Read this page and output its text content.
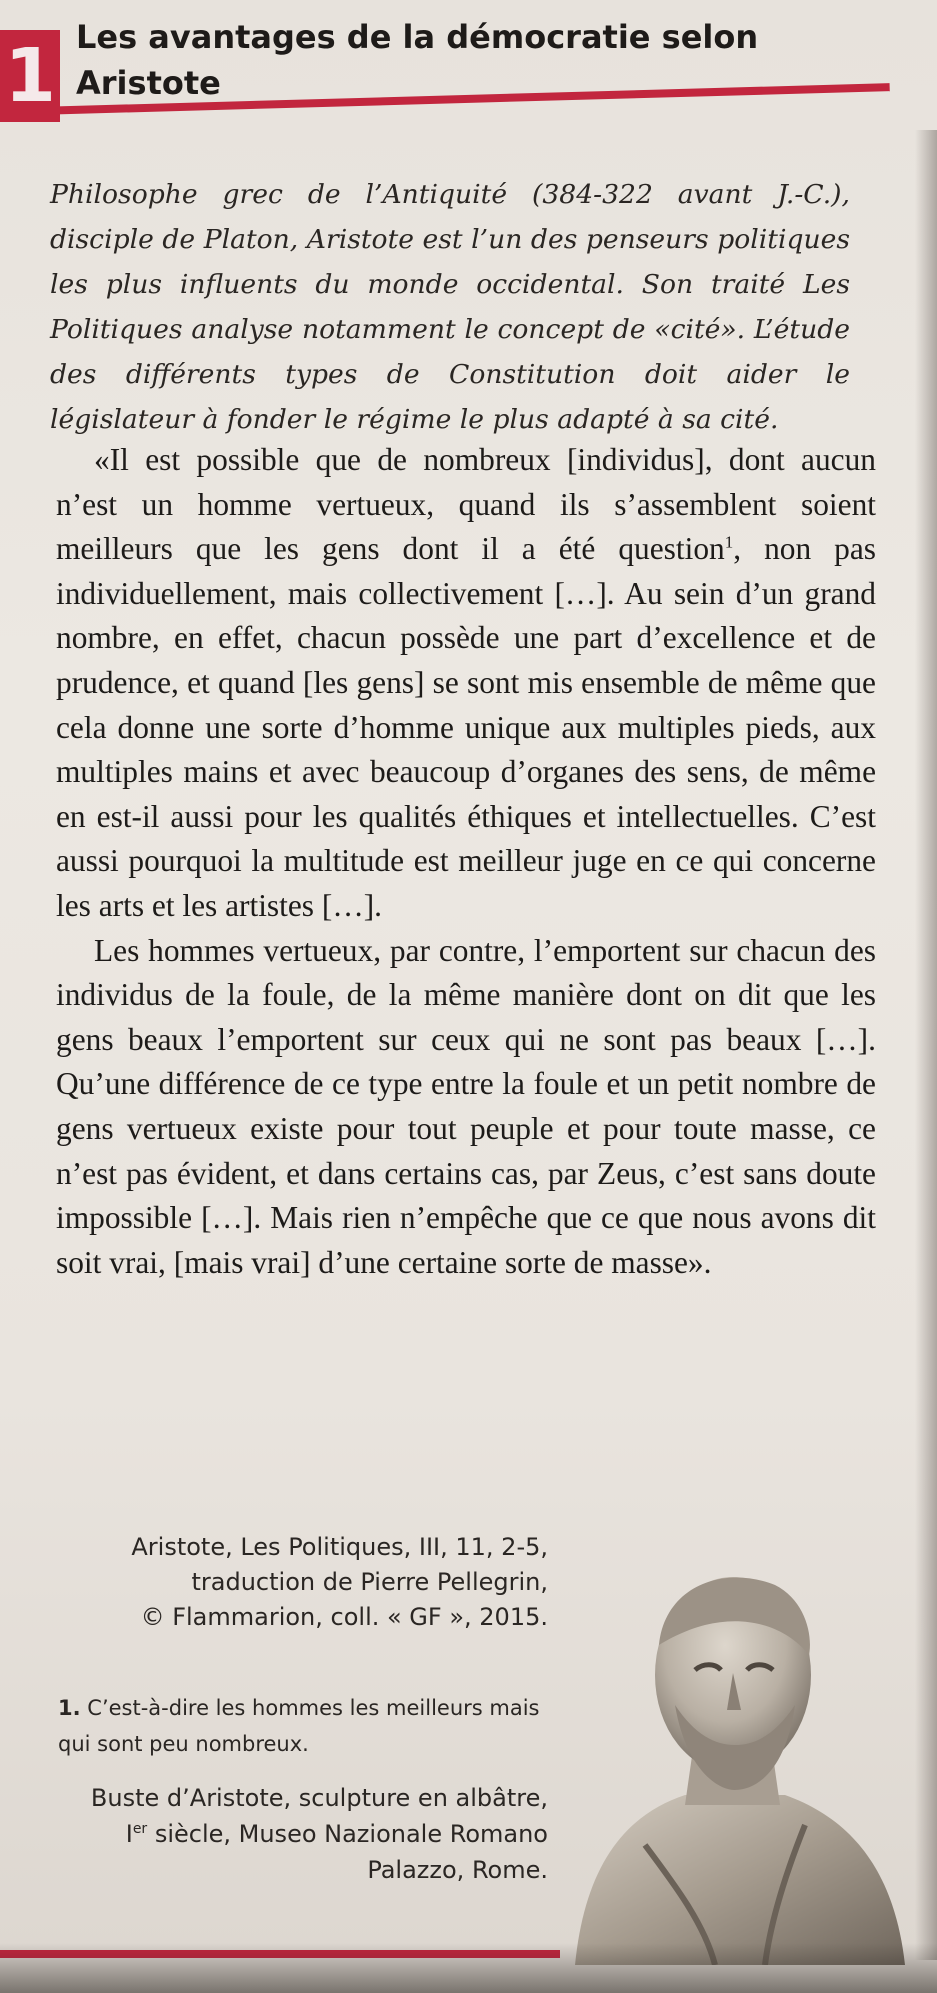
1 Les avantages de la démocratie selon Aristote
Philosophe grec de l’Antiquité (384-322 avant J.-C.), disciple de Platon, Aristote est l’un des penseurs politiques les plus influents du monde occidental. Son traité Les Politiques analyse notamment le concept de «cité». L’étude des différents types de Constitution doit aider le législateur à fonder le régime le plus adapté à sa cité.

«Il est possible que de nombreux [individus], dont aucun n’est un homme vertueux, quand ils s’assemblent soient meilleurs que les gens dont il a été question$^1$, non pas individuellement, mais collectivement […]. Au sein d’un grand nombre, en effet, chacun possède une part d’excellence et de prudence, et quand [les gens] se sont mis ensemble de même que cela donne une sorte d’homme unique aux multiples pieds, aux multiples mains et avec beaucoup d’organes des sens, de même en est-il aussi pour les qualités éthiques et intellectuelles. C’est aussi pourquoi la multitude est meilleur juge en ce qui concerne les arts et les artistes […].

Les hommes vertueux, par contre, l’emportent sur chacun des individus de la foule, de la même manière dont on dit que les gens beaux l’emportent sur ceux qui ne sont pas beaux […]. Qu’une différence de ce type entre la foule et un petit nombre de gens vertueux existe pour tout peuple et pour toute masse, ce n’est pas évident, et dans certains cas, par Zeus, c’est sans doute impossible […]. Mais rien n’empêche que ce que nous avons dit soit vrai, [mais vrai] d’une certaine sorte de masse».

Aristote, Les Politiques, III, 11, 2-5,
traduction de Pierre Pellegrin,
© Flammarion, coll. « GF », 2015.
1. C’est-à-dire les hommes les meilleurs mais qui sont peu nombreux.
Buste d’Aristote, sculpture en albâtre,
Ier siècle, Museo Nazionale Romano
Palazzo, Rome.
